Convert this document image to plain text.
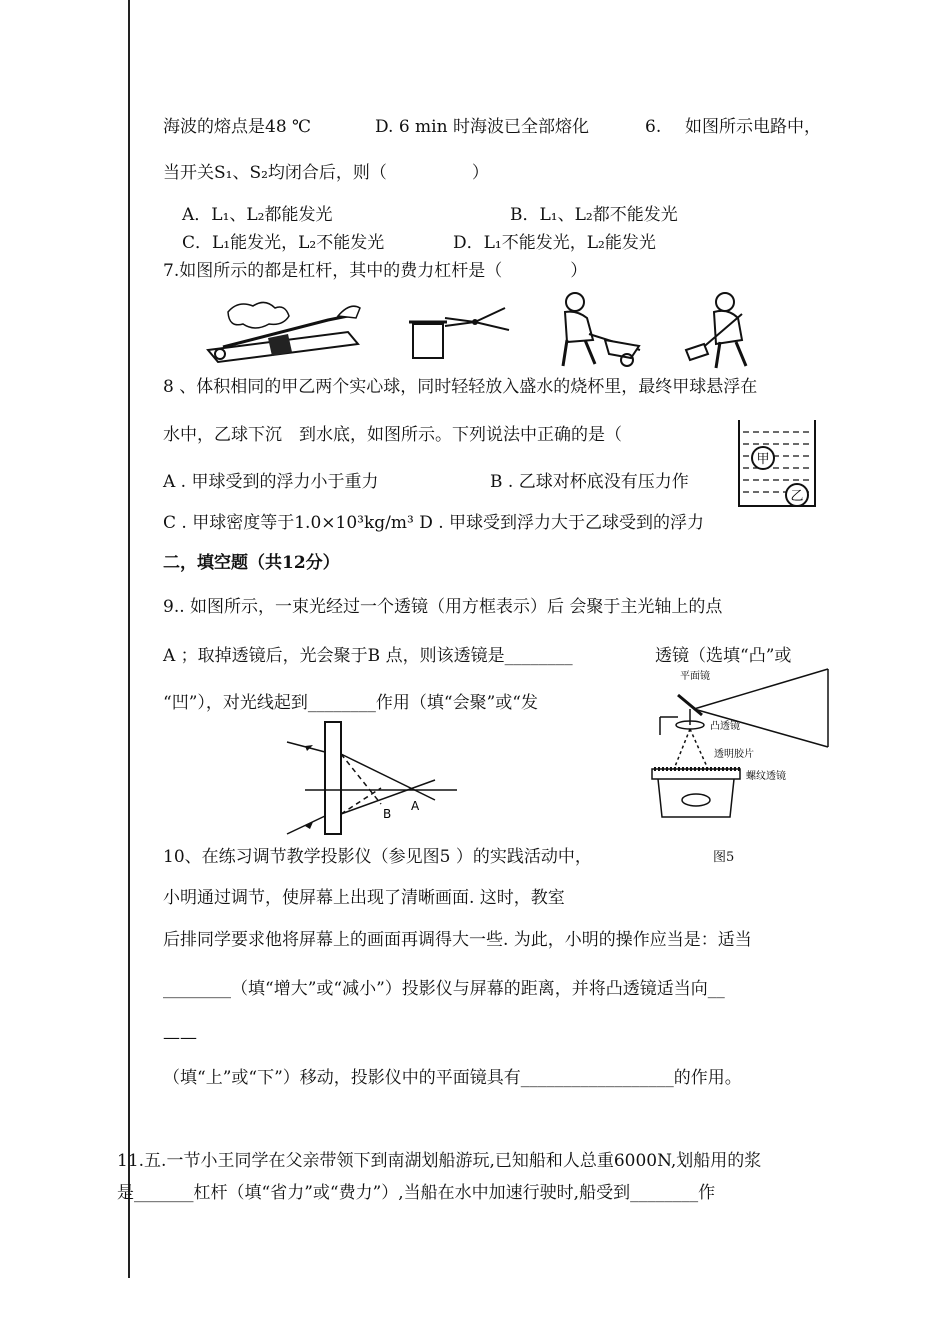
海波的熔点是48 ℃	D. 6 min 时海波已全部熔化	6. 如图所示电路中，
当开关S₁、S₂均闭合后，则（　　　　　）
A．L₁、L₂都能发光	B．L₁、L₂都不能发光
C．L₁能发光，L₂不能发光	D．L₁不能发光，L₂能发光
7.如图所示的都是杠杆，其中的费力杠杆是（　　　　）
8 、体积相同的甲乙两个实心球，同时轻轻放入盛水的烧杯里，最终甲球悬浮在
水中，乙球下沉　到水底，如图所示。下列说法中正确的是（
A . 甲球受到的浮力小于重力	B . 乙球对杯底没有压力作
C . 甲球密度等于1.0×10³kg/m³ D . 甲球受到浮力大于乙球受到的浮力
甲
乙
二，填空题（共12分）
9.. 如图所示，一束光经过一个透镜（用方框表示）后 会聚于主光轴上的点
A ；取掉透镜后，光会聚于B 点，则该透镜是________	透镜（选填“凸”或
“凹”），对光线起到________作用（填“会聚”或“发
A
B
平面镜
凸透镜
透明胶片
螺纹透镜
图5
10、在练习调节教学投影仪（参见图5 ）的实践活动中，
小明通过调节，使屏幕上出现了清晰画面. 这时，教室
后排同学要求他将屏幕上的画面再调得大一些. 为此，小明的操作应当是：适当
________（填“增大”或“减小”）投影仪与屏幕的距离，并将凸透镜适当向__
——
（填“上”或“下”）移动，投影仪中的平面镜具有__________________的作用。
11.五.一节小王同学在父亲带领下到南湖划船游玩,已知船和人总重6000N,划船用的浆
是_______杠杆（填“省力”或“费力”）,当船在水中加速行驶时,船受到________作
